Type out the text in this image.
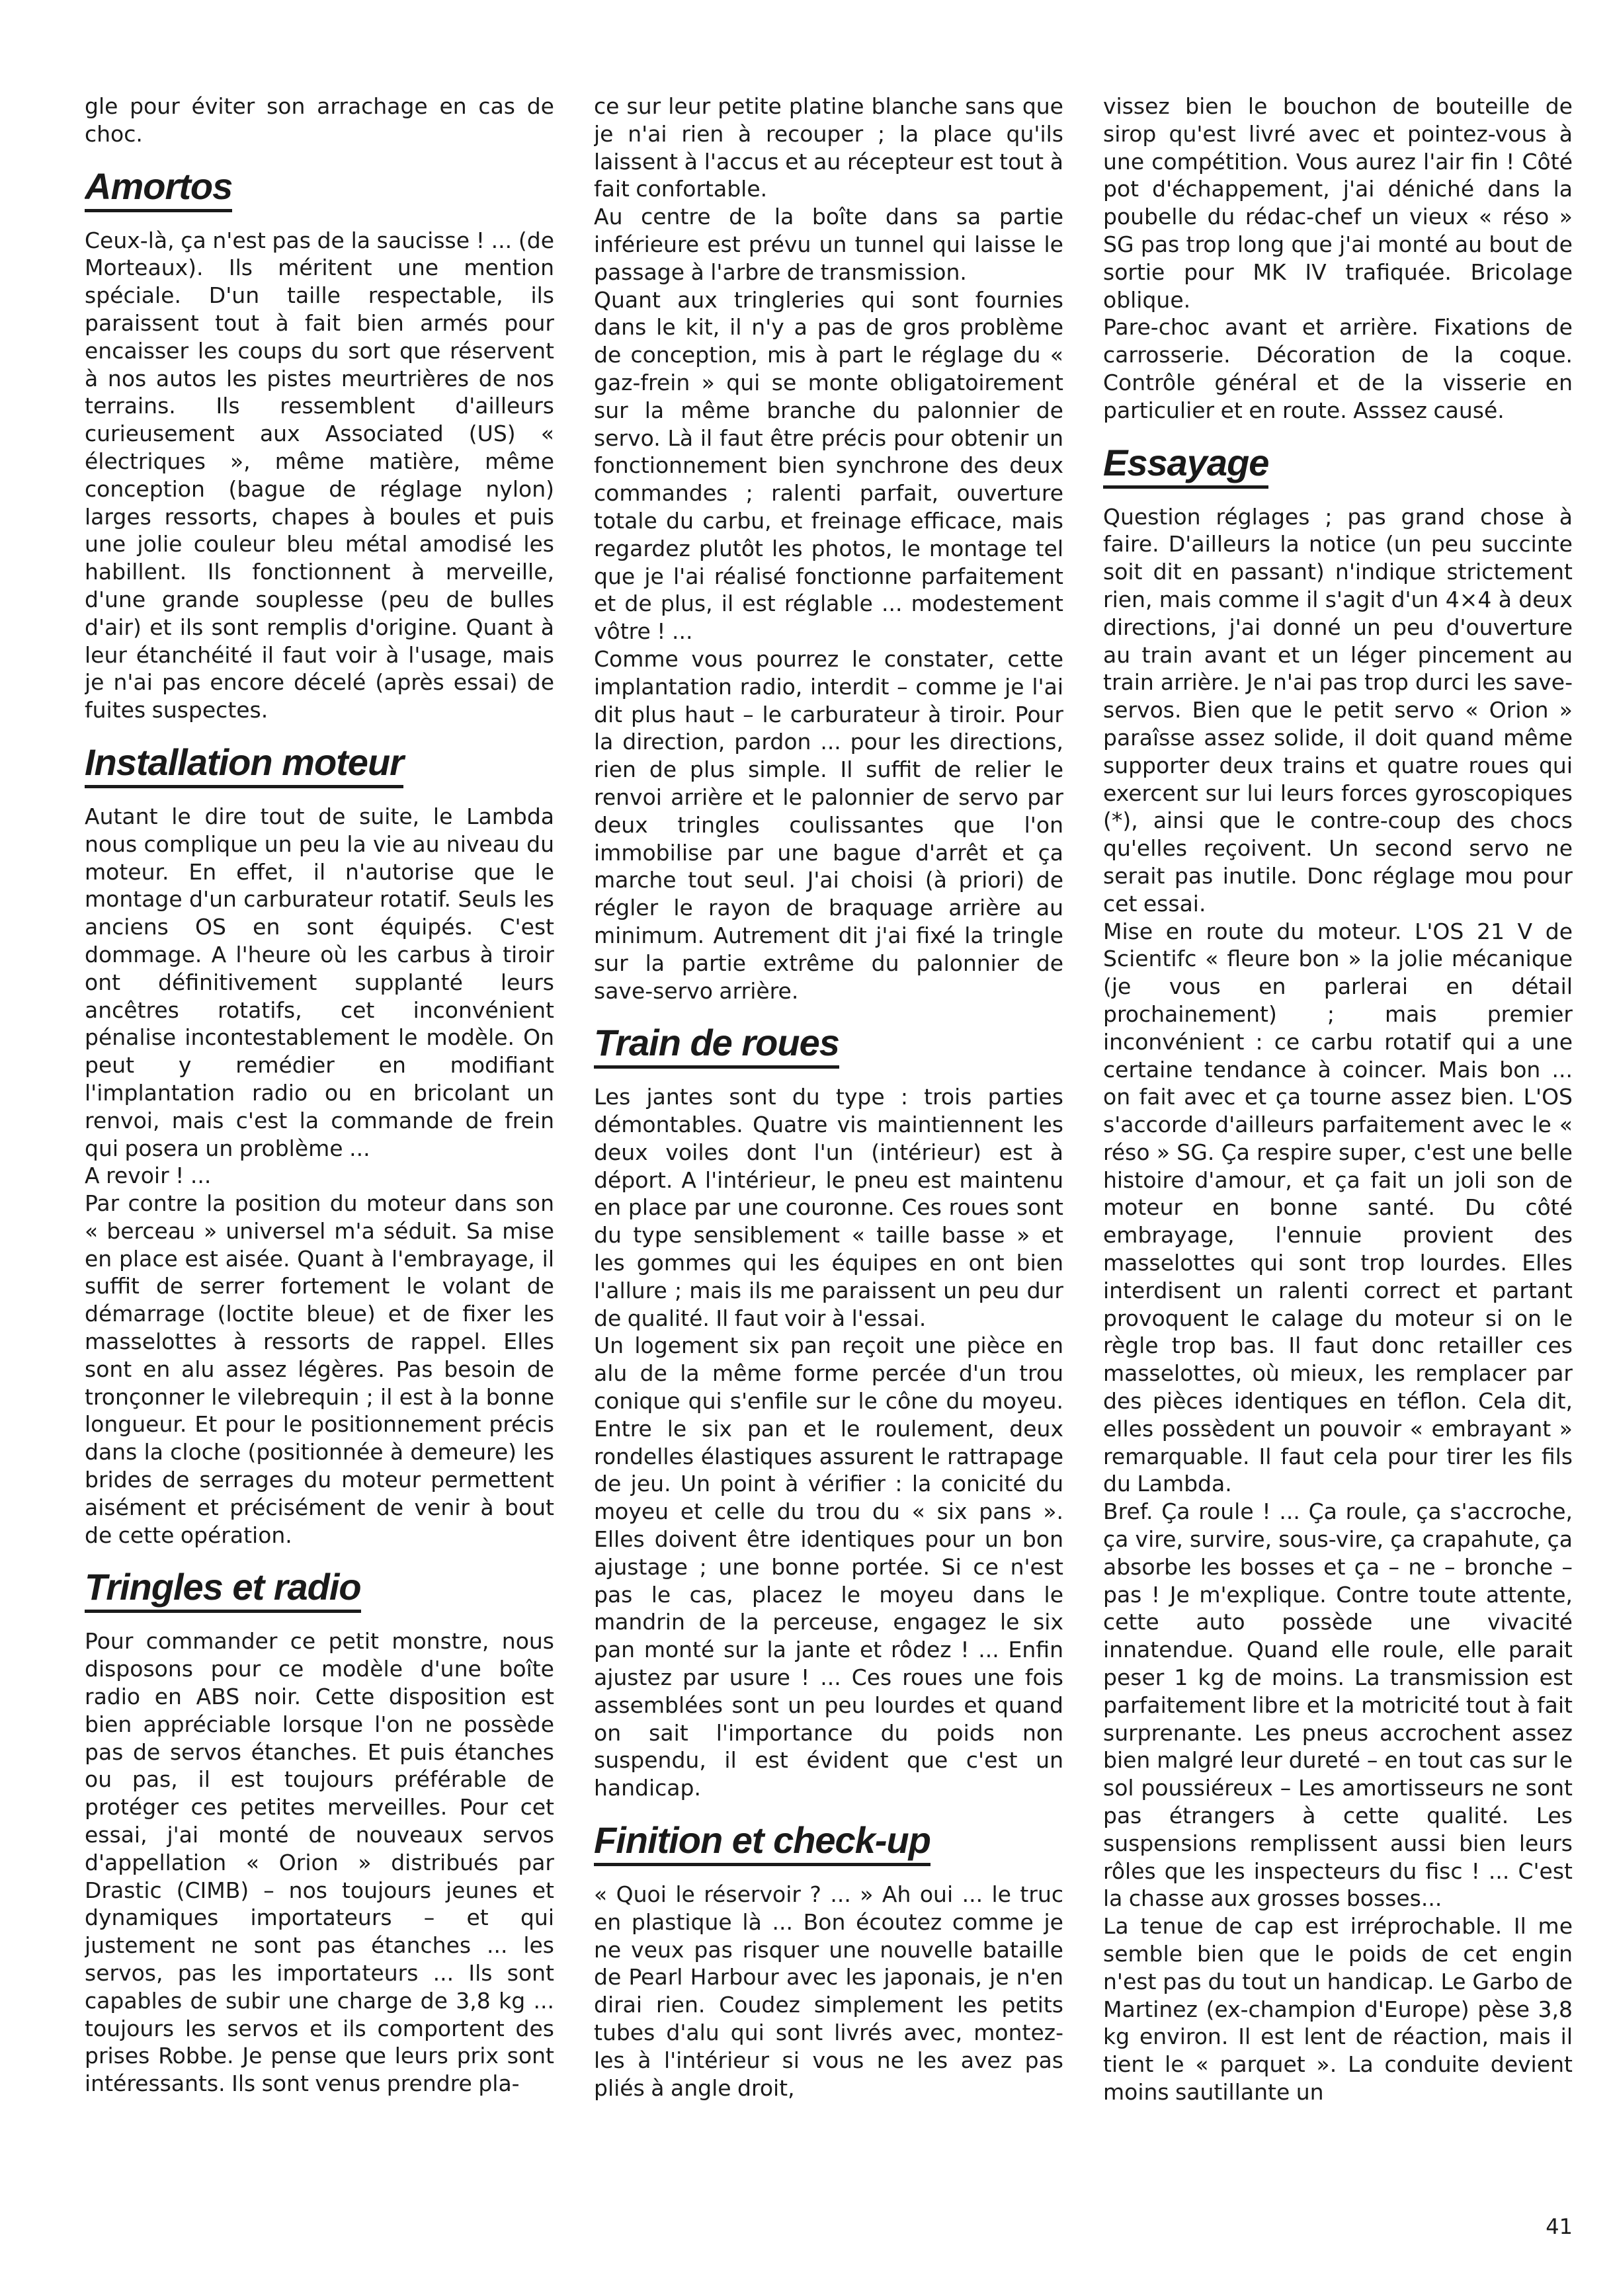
gle pour éviter son arrachage en cas de choc.

Amortos

Ceux-là, ça n'est pas de la saucisse ! ... (de Morteaux). Ils méritent une mention spéciale. D'un taille respectable, ils paraissent tout à fait bien armés pour encaisser les coups du sort que réservent à nos autos les pistes meurtrières de nos terrains. Ils ressemblent d'ailleurs curieusement aux Associated (US) « électriques », même matière, même conception (bague de réglage nylon) larges ressorts, chapes à boules et puis une jolie couleur bleu métal amodisé les habillent. Ils fonctionnent à merveille, d'une grande souplesse (peu de bulles d'air) et ils sont remplis d'origine. Quant à leur étanchéité il faut voir à l'usage, mais je n'ai pas encore décelé (après essai) de fuites suspectes.

Installation moteur

Autant le dire tout de suite, le Lambda nous complique un peu la vie au niveau du moteur. En effet, il n'autorise que le montage d'un carburateur rotatif. Seuls les anciens OS en sont équipés. C'est dommage. A l'heure où les carbus à tiroir ont définitivement supplanté leurs ancêtres rotatifs, cet inconvénient pénalise incontestablement le modèle. On peut y remédier en modifiant l'implantation radio ou en bricolant un renvoi, mais c'est la commande de frein qui posera un problème ...

A revoir ! ...

Par contre la position du moteur dans son « berceau » universel m'a séduit. Sa mise en place est aisée. Quant à l'embrayage, il suffit de serrer fortement le volant de démarrage (loctite bleue) et de fixer les masselottes à ressorts de rappel. Elles sont en alu assez légères. Pas besoin de tronçonner le vilebrequin ; il est à la bonne longueur. Et pour le positionnement précis dans la cloche (positionnée à demeure) les brides de serrages du moteur permettent aisément et précisément de venir à bout de cette opération.

Tringles et radio

Pour commander ce petit monstre, nous disposons pour ce modèle d'une boîte radio en ABS noir. Cette disposition est bien appréciable lorsque l'on ne possède pas de servos étanches. Et puis étanches ou pas, il est toujours préférable de protéger ces petites merveilles. Pour cet essai, j'ai monté de nouveaux servos d'appellation « Orion » distribués par Drastic (CIMB) – nos toujours jeunes et dynamiques importateurs – et qui justement ne sont pas étanches ... les servos, pas les importateurs ... Ils sont capables de subir une charge de 3,8 kg ... toujours les servos et ils comportent des prises Robbe. Je pense que leurs prix sont intéressants. Ils sont venus prendre pla-

ce sur leur petite platine blanche sans que je n'ai rien à recouper ; la place qu'ils laissent à l'accus et au récepteur est tout à fait confortable.

Au centre de la boîte dans sa partie inférieure est prévu un tunnel qui laisse le passage à l'arbre de transmission.

Quant aux tringleries qui sont fournies dans le kit, il n'y a pas de gros problème de conception, mis à part le réglage du « gaz-frein » qui se monte obligatoirement sur la même branche du palonnier de servo. Là il faut être précis pour obtenir un fonctionnement bien synchrone des deux commandes ; ralenti parfait, ouverture totale du carbu, et freinage efficace, mais regardez plutôt les photos, le montage tel que je l'ai réalisé fonctionne parfaitement et de plus, il est réglable ... modestement vôtre ! ...

Comme vous pourrez le constater, cette implantation radio, interdit – comme je l'ai dit plus haut – le carburateur à tiroir. Pour la direction, pardon ... pour les directions, rien de plus simple. Il suffit de relier le renvoi arrière et le palonnier de servo par deux tringles coulissantes que l'on immobilise par une bague d'arrêt et ça marche tout seul. J'ai choisi (à priori) de régler le rayon de braquage arrière au minimum. Autrement dit j'ai fixé la tringle sur la partie extrême du palonnier de save-servo arrière.

Train de roues

Les jantes sont du type : trois parties démontables. Quatre vis maintiennent les deux voiles dont l'un (intérieur) est à déport. A l'intérieur, le pneu est maintenu en place par une couronne. Ces roues sont du type sensiblement « taille basse » et les gommes qui les équipes en ont bien l'allure ; mais ils me paraissent un peu dur de qualité. Il faut voir à l'essai.

Un logement six pan reçoit une pièce en alu de la même forme percée d'un trou conique qui s'enfile sur le cône du moyeu. Entre le six pan et le roulement, deux rondelles élastiques assurent le rattrapage de jeu. Un point à vérifier : la conicité du moyeu et celle du trou du « six pans ». Elles doivent être identiques pour un bon ajustage ; une bonne portée. Si ce n'est pas le cas, placez le moyeu dans le mandrin de la perceuse, engagez le six pan monté sur la jante et rôdez ! ... Enfin ajustez par usure ! ... Ces roues une fois assemblées sont un peu lourdes et quand on sait l'importance du poids non suspendu, il est évident que c'est un handicap.

Finition et check-up

« Quoi le réservoir ? ... » Ah oui ... le truc en plastique là ... Bon écoutez comme je ne veux pas risquer une nouvelle bataille de Pearl Harbour avec les japonais, je n'en dirai rien. Coudez simplement les petits tubes d'alu qui sont livrés avec, montez-les à l'intérieur si vous ne les avez pas pliés à angle droit,

vissez bien le bouchon de bouteille de sirop qu'est livré avec et pointez-vous à une compétition. Vous aurez l'air fin ! Côté pot d'échappement, j'ai déniché dans la poubelle du rédac-chef un vieux « réso » SG pas trop long que j'ai monté au bout de sortie pour MK IV trafiquée. Bricolage oblique.

Pare-choc avant et arrière. Fixations de carrosserie. Décoration de la coque. Contrôle général et de la visserie en particulier et en route. Asssez causé.

Essayage

Question réglages ; pas grand chose à faire. D'ailleurs la notice (un peu succinte soit dit en passant) n'indique strictement rien, mais comme il s'agit d'un 4×4 à deux directions, j'ai donné un peu d'ouverture au train avant et un léger pincement au train arrière. Je n'ai pas trop durci les save-servos. Bien que le petit servo « Orion » paraîsse assez solide, il doit quand même supporter deux trains et quatre roues qui exercent sur lui leurs forces gyroscopiques (*), ainsi que le contre-coup des chocs qu'elles reçoivent. Un second servo ne serait pas inutile. Donc réglage mou pour cet essai.

Mise en route du moteur. L'OS 21 V de Scientifc « fleure bon » la jolie mécanique (je vous en parlerai en détail prochainement) ; mais premier inconvénient : ce carbu rotatif qui a une certaine tendance à coincer. Mais bon ... on fait avec et ça tourne assez bien. L'OS s'accorde d'ailleurs parfaitement avec le « réso » SG. Ça respire super, c'est une belle histoire d'amour, et ça fait un joli son de moteur en bonne santé. Du côté embrayage, l'ennuie provient des masselottes qui sont trop lourdes. Elles interdisent un ralenti correct et partant provoquent le calage du moteur si on le règle trop bas. Il faut donc retailler ces masselottes, où mieux, les remplacer par des pièces identiques en téflon. Cela dit, elles possèdent un pouvoir « embrayant » remarquable. Il faut cela pour tirer les fils du Lambda.

Bref. Ça roule ! ... Ça roule, ça s'accroche, ça vire, survire, sous-vire, ça crapahute, ça absorbe les bosses et ça – ne – bronche – pas ! Je m'explique. Contre toute attente, cette auto possède une vivacité innatendue. Quand elle roule, elle parait peser 1 kg de moins. La transmission est parfaitement libre et la motricité tout à fait surprenante. Les pneus accrochent assez bien malgré leur dureté – en tout cas sur le sol poussiéreux – Les amortisseurs ne sont pas étrangers à cette qualité. Les suspensions remplissent aussi bien leurs rôles que les inspecteurs du fisc ! ... C'est la chasse aux grosses bosses...

La tenue de cap est irréprochable. Il me semble bien que le poids de cet engin n'est pas du tout un handicap. Le Garbo de Martinez (ex-champion d'Europe) pèse 3,8 kg environ. Il est lent de réaction, mais il tient le « parquet ». La conduite devient moins sautillante un

41
